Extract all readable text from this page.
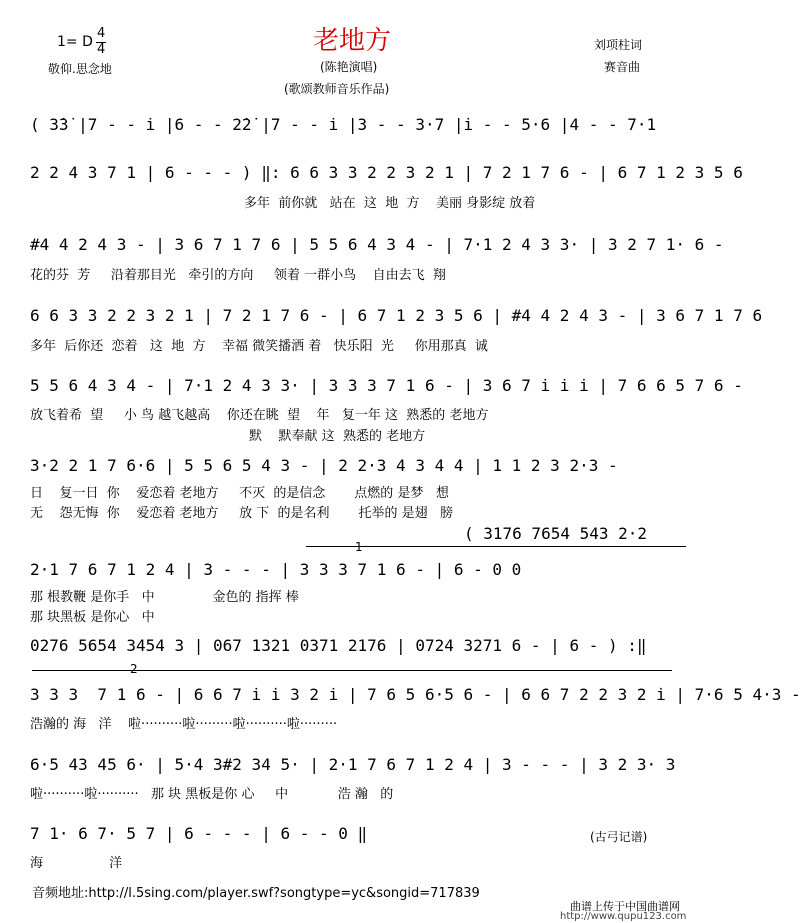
老地方
1= D
4
4
敬仰.思念地	(陈艳演唱)
(歌颂教师音乐作品)
刘项柱词
赛音曲
( 3̇3̇ |7 - - i̇ |6 - - 2̇2̇ |7 - - i̇ |3 - - 3·7 |i̇ - - 5·6 |4 - - 7·1
2 2 4 3 7 1 | 6 - - - ) ‖: 6 6 3 3 2 2 3 2 1 | 7 2 1 7 6 - | 6 7 1 2 3 5 6
多年  前你就   站在  这  地  方    美丽 身影绽 放着
#4 4 2 4 3 - | 3 6 7 1 7 6 | 5 5 6 4 3 4 - | 7·1 2 4 3 3· | 3 2 7 1· 6 -
花的芬  芳     沿着那目光   牵引的方向     领着 一群小鸟    自由去飞  翔
6 6 3 3 2 2 3 2 1 | 7 2 1 7 6 - | 6 7 1 2 3 5 6 | #4 4 2 4 3 - | 3 6 7 1 7 6
多年  后你还  恋着   这  地  方    幸福 微笑播洒 着   快乐阳  光     你用那真  诚
5 5 6 4 3 4 - | 7·1 2 4 3 3· | 3 3 3 7 1 6 - | 3 6 7 i̇ i̇ i̇ | 7 6 6 5 7 6 -
放飞着希  望     小 鸟 越飞越高    你还在眺  望    年   复一年 这  熟悉的 老地方
默    默奉献 这  熟悉的 老地方
3·2 2 1 7 6·6 | 5 5 6 5 4 3 - | 2 2·3 4 3 4 4 | 1 1 2 3 2·3 -
日    复一日  你    爱恋着 老地方     不灭  的是信念       点燃的 是梦   想
无    怨无悔  你    爱恋着 老地方     放 下  的是名利       托举的 是翅   膀
( 3176 7654 543 2·2
1
2·1 7 6 7 1 2 4 | 3 - - - | 3 3 3 7 1 6 - | 6 - 0 0
那 根教鞭 是你手   中              金色的 指挥 棒
那 块黑板 是你心   中
0276 5654 3454 3 | 067 1321 0371 2176 | 0724 3271 6 - | 6 - ) :‖
2
3 3 3  7 1 6 - | 6 6 7 i̇ i̇ 3 2 i̇ | 7 6 5 6·5 6 - | 6 6 7 2 2 3 2 i̇ | 7·6 5 4·3 -
浩瀚的 海   洋    啦··········啦·········啦··········啦·········
6·5 43 45 6· | 5·4 3#2 34 5· | 2·1 7 6 7 1 2 4 | 3 - - - | 3 2 3· 3
啦··········啦··········   那 块 黑板是你 心     中            浩 瀚   的
7 1· 6 7· 5 7 | 6 - - - | 6 - - 0 ‖
海                洋
(古弓记谱)
音频地址:http://l.5sing.com/player.swf?songtype=yc&songid=717839
曲谱上传于中国曲谱网
http://www.qupu123.com
